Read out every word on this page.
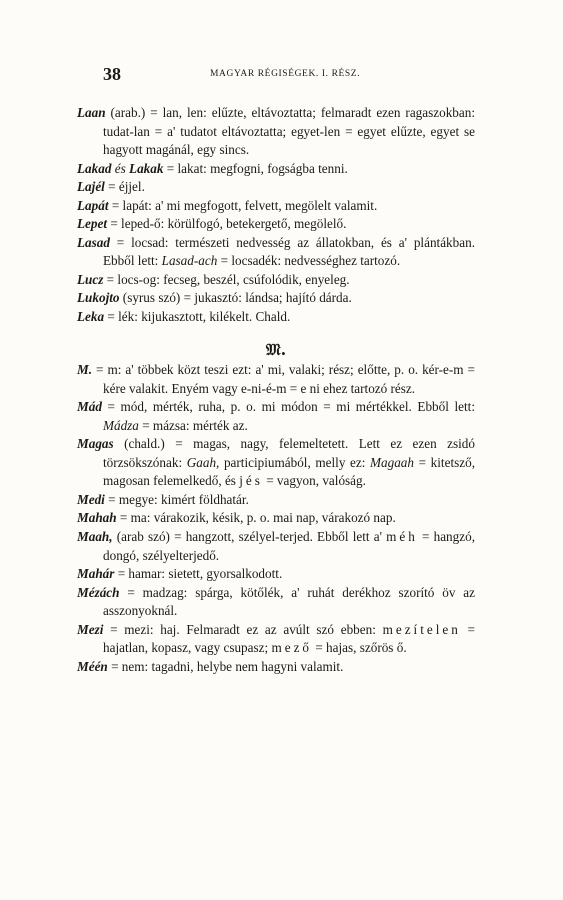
38	MAGYAR RÉGISÉGEK. I. RÉSZ.

Laan (arab.) = lan, len: elűzte, eltávoztatta; felmaradt ezen ragaszokban: tudat-lan = a' tudatot eltávoztatta; egyet-len = egyet elűzte, egyet se hagyott magánál, egy sincs.

Lakad és Lakak = lakat: megfogni, fogságba tenni.

Lajél = éjjel.

Lapát = lapát: a' mi megfogott, felvett, megölelt valamit.

Lepet = leped-ő: körülfogó, betekergető, megölelő.

Lasad = locsad: természeti nedvesség az állatokban, és a' plántákban. Ebből lett: Lasad-ach = locsadék: nedvességhez tartozó.

Lucz = locs-og: fecseg, beszél, csúfolódik, enyeleg.

Lukojto (syrus szó) = jukasztó: lándsa; hajító dárda.

Leka = lék: kijukasztott, kilékelt. Chald.

𝔐.

M. = m: a' többek közt teszi ezt: a' mi, valaki; rész; előtte, p. o. kér-e-m = kére valakit. Enyém vagy e-ni-é-m = e ni ehez tartozó rész.

Mád = mód, mérték, ruha, p. o. mi módon = mi mértékkel. Ebből lett: Mádza = mázsa: mérték az.

Magas (chald.) = magas, nagy, felemeltetett. Lett ez ezen zsidó törzsökszónak: Gaah, participiumából, melly ez: Magaah = kitetsző, magosan felemelkedő, és jés = vagyon, valóság.

Medi = megye: kimért földhatár.

Mahah = ma: várakozik, késik, p. o. mai nap, várakozó nap.

Maah, (arab szó) = hangzott, szélyel-terjed. Ebből lett a' méh = hangzó, dongó, szélyelterjedő.

Mahár = hamar: sietett, gyorsalkodott.

Mézách = madzag: spárga, kötőlék, a' ruhát derékhoz szorító öv az asszonyoknál.

Mezi = mezi: haj. Felmaradt ez az avúlt szó ebben: mezítelen = hajatlan, kopasz, vagy csupasz; mező = hajas, szőrös ő.

Méén = nem: tagadni, helybe nem hagyni valamit.
